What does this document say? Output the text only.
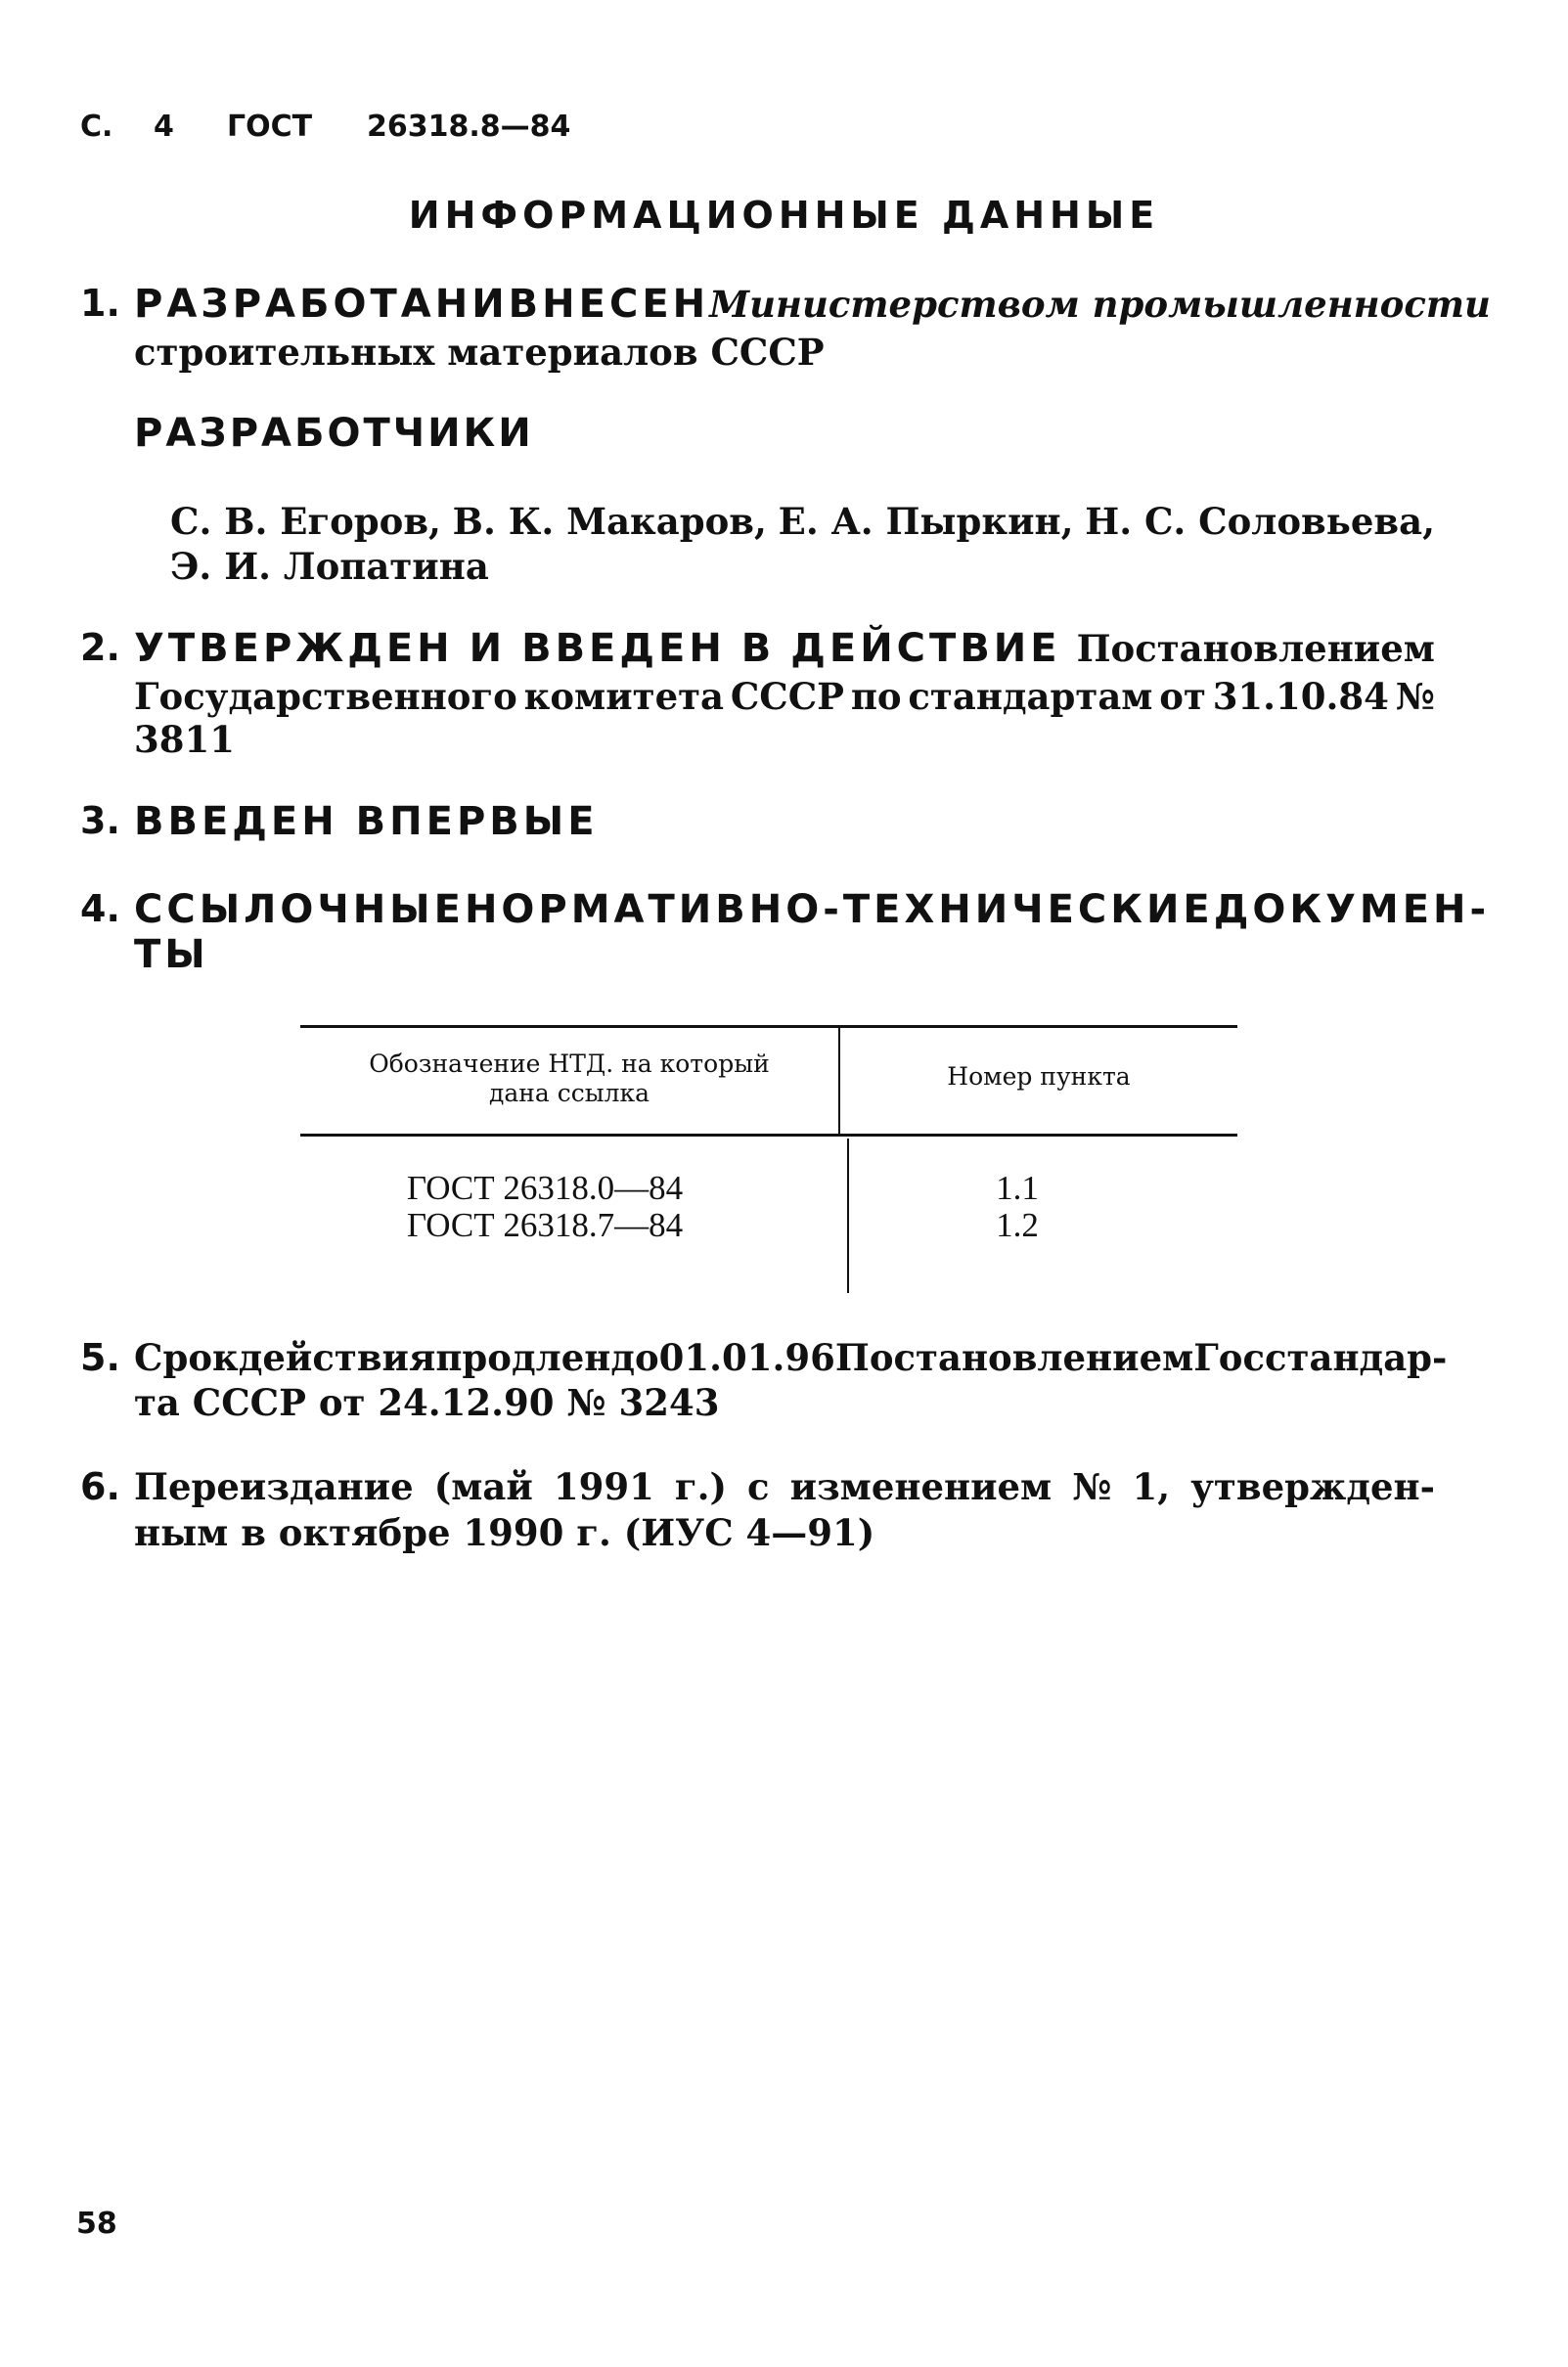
С. 4 ГОСТ 26318.8—84
ИНФОРМАЦИОННЫЕ ДАННЫЕ
1. РАЗРАБОТАН И ВНЕСЕН Министерством промышленности
строительных материалов СССР
РАЗРАБОТЧИКИ
С. В. Егоров, В. К. Макаров, Е. А. Пыркин, Н. С. Соловьева,
Э. И. Лопатина
2. УТВЕРЖДЕН И ВВЕДЕН В ДЕЙСТВИЕ Постановлением
Государственного комитета СССР по стандартам от 31.10.84 №
3811
3. ВВЕДЕН ВПЕРВЫЕ
4. ССЫЛОЧНЫЕ НОРМАТИВНО-ТЕХНИЧЕСКИЕ ДОКУМЕН-
ТЫ
Обозначение НТД. на который
дана ссылка
Номер пункта
ГОСТ 26318.0—84
ГОСТ 26318.7—84
1.1
1.2
5. Срок действия продлен до 01.01.96 Постановлением Госстандар-
та СССР от 24.12.90 № 3243
6. Переиздание (май 1991 г.) с изменением № 1, утвержден-
ным в октябре 1990 г. (ИУС 4—91)
58
